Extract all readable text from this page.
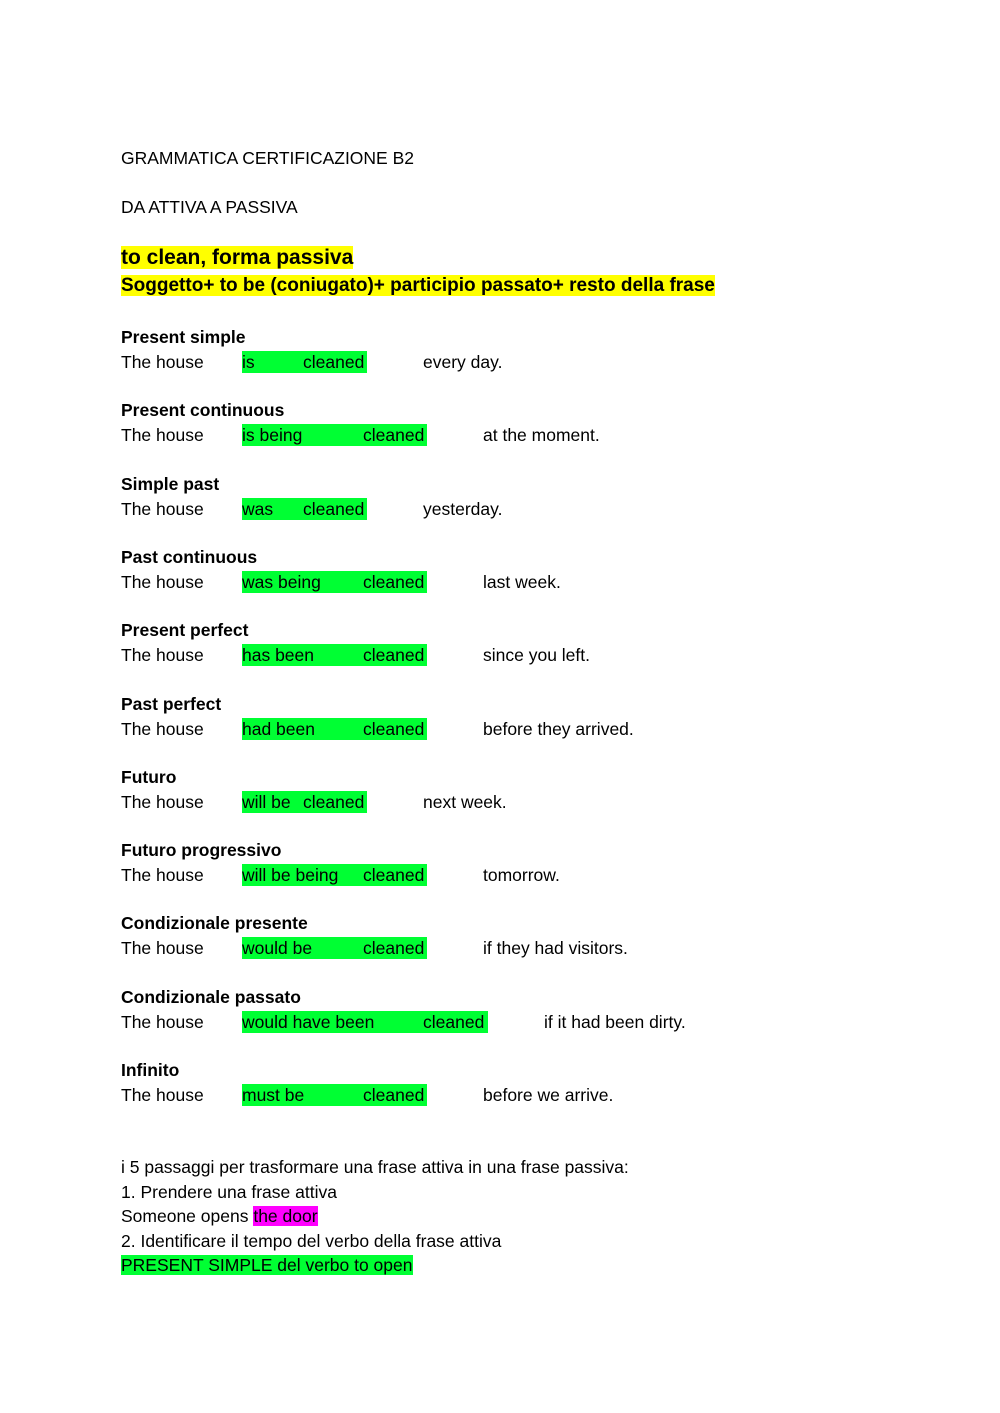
GRAMMATICA CERTIFICAZIONE B2
DA ATTIVA A PASSIVA
to clean, forma passiva
Soggetto+ to be (coniugato)+ participio passato+ resto della frase
Present simple
The house is	cleaned	every day.
Present continuous
The house is being	cleaned	at the moment.
Simple past
The house was cleaned	yesterday.
Past continuous
The house was being cleaned	last week.
Present perfect
The house has been	cleaned	since you left.
Past perfect
The house had been	cleaned	before they arrived.
Futuro
The house will be cleaned	next week.
Futuro progressivo
The house will be being cleaned	tomorrow.
Condizionale presente
The house would be	cleaned	if they had visitors.
Condizionale passato
The house would have been	cleaned	if it had been dirty.
Infinito
The house must be	cleaned	before we arrive.
i 5 passaggi per trasformare una frase attiva in una frase passiva:
1. Prendere una frase attiva
Someone opens the door
2. Identificare il tempo del verbo della frase attiva
PRESENT SIMPLE del verbo to open
